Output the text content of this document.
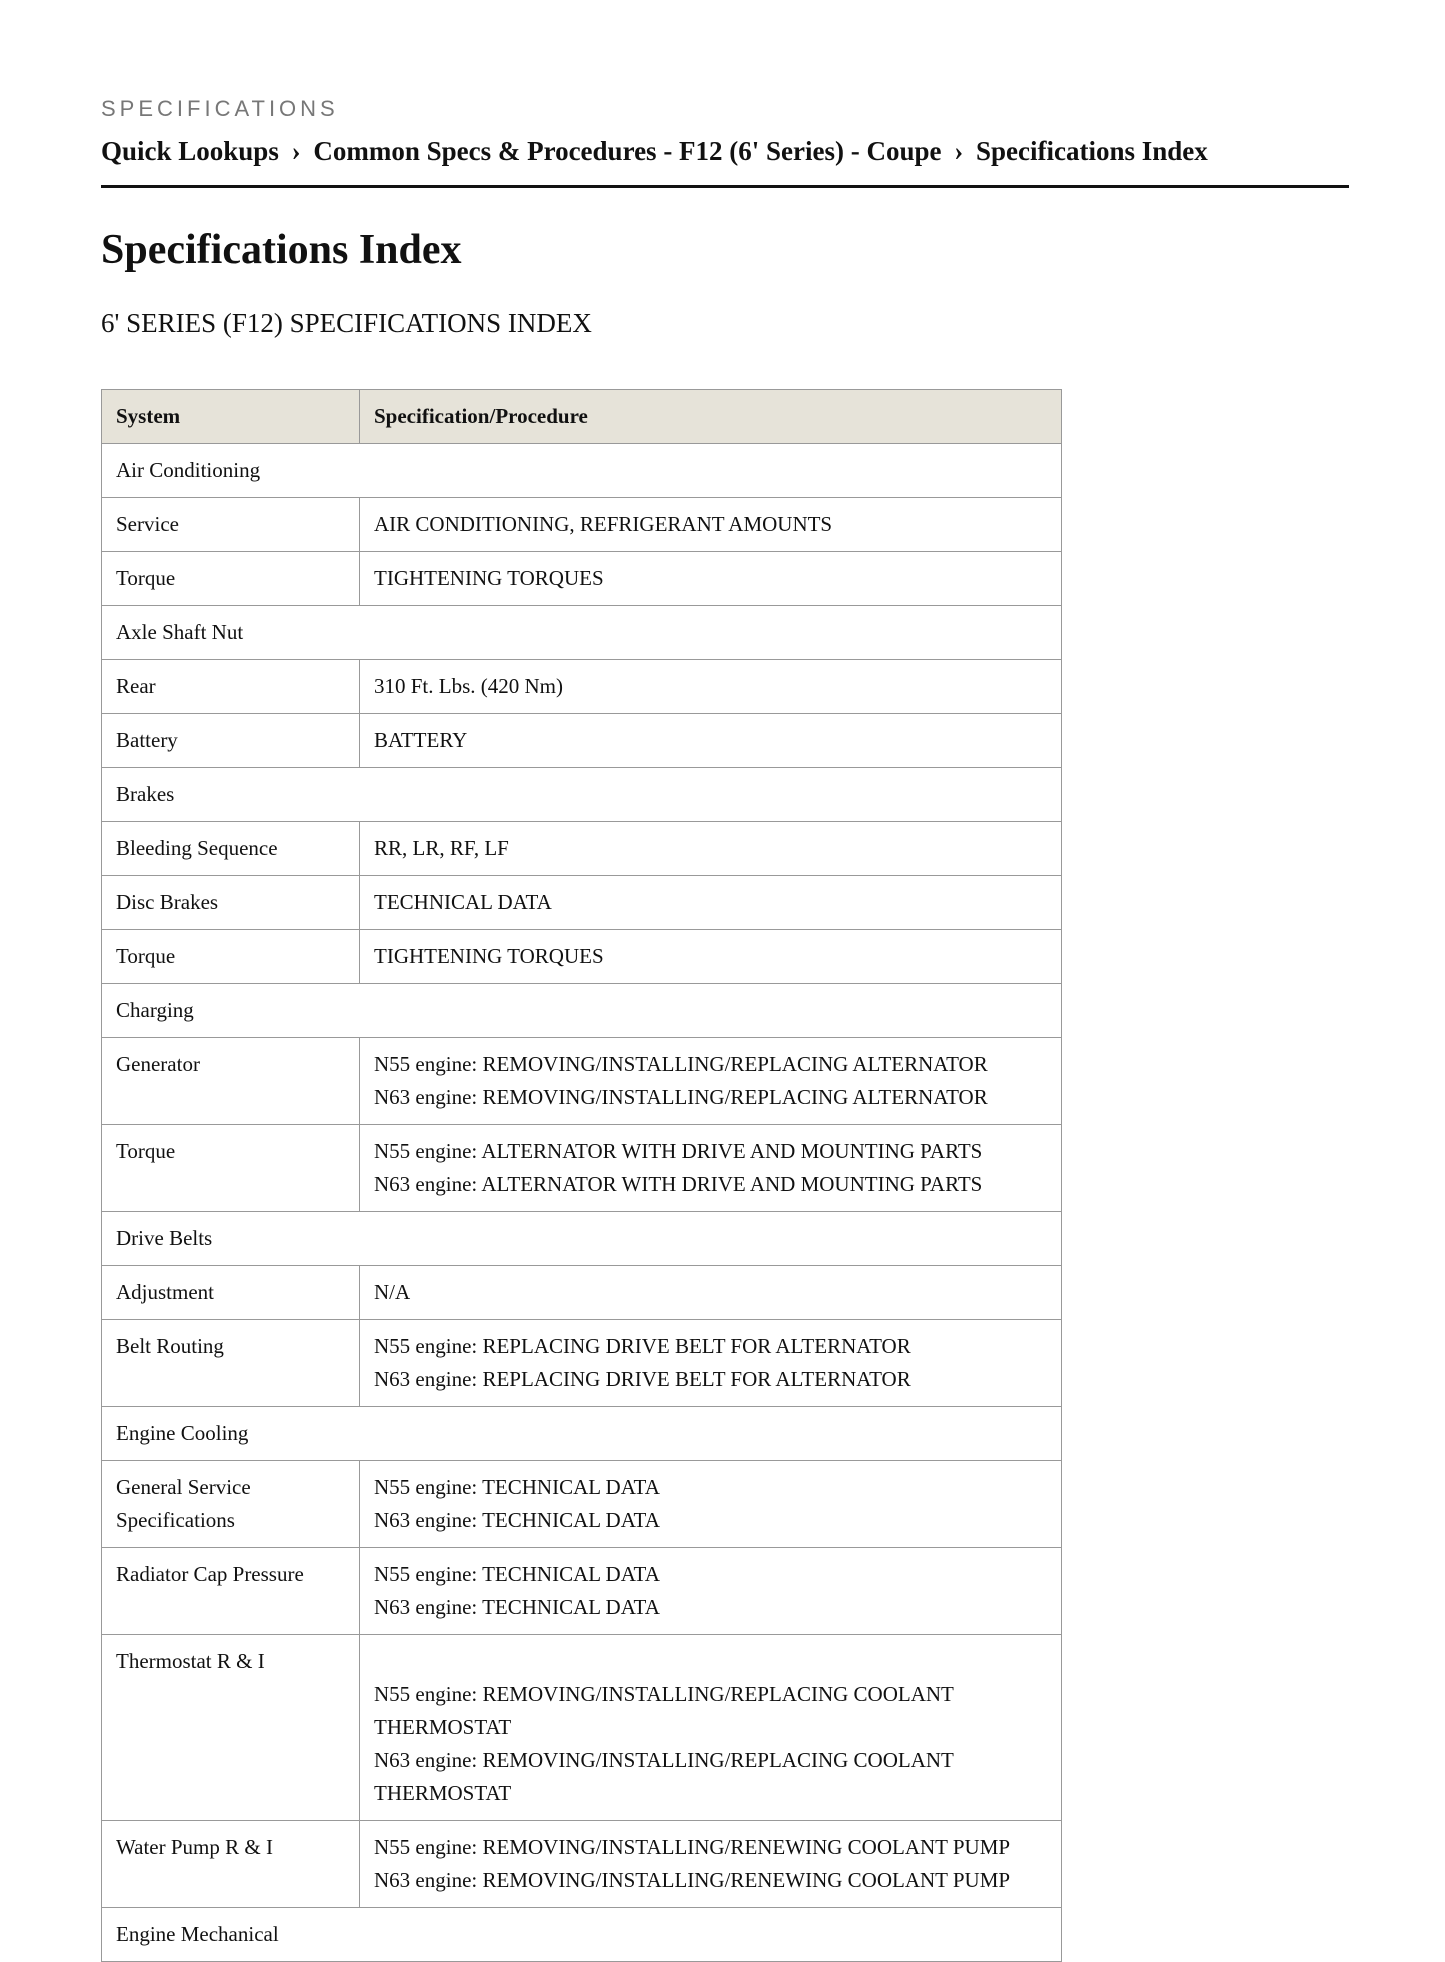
SPECIFICATIONS
Quick Lookups › Common Specs & Procedures - F12 (6' Series) - Coupe › Specifications Index
Specifications Index
6' SERIES (F12) SPECIFICATIONS INDEX
System	Specification/Procedure
Air Conditioning	
Service	AIR CONDITIONING, REFRIGERANT AMOUNTS

Torque	TIGHTENING TORQUES

Axle Shaft Nut	
Rear	310 Ft. Lbs. (420 Nm)

Battery	BATTERY

Brakes	
Bleeding Sequence	RR, LR, RF, LF

Disc Brakes	TECHNICAL DATA

Torque	TIGHTENING TORQUES

Charging	
Generator	N55 engine: REMOVING/INSTALLING/REPLACING ALTERNATOR
N63 engine: REMOVING/INSTALLING/REPLACING ALTERNATOR

Torque	N55 engine: ALTERNATOR WITH DRIVE AND MOUNTING PARTS
N63 engine: ALTERNATOR WITH DRIVE AND MOUNTING PARTS

Drive Belts	
Adjustment	N/A

Belt Routing	N55 engine: REPLACING DRIVE BELT FOR ALTERNATOR
N63 engine: REPLACING DRIVE BELT FOR ALTERNATOR

Engine Cooling	
General Service Specifications	N55 engine: TECHNICAL DATA
N63 engine: TECHNICAL DATA

Radiator Cap Pressure	N55 engine: TECHNICAL DATA
N63 engine: TECHNICAL DATA

Thermostat R & I	N55 engine: REMOVING/INSTALLING/REPLACING COOLANT THERMOSTAT
N63 engine: REMOVING/INSTALLING/REPLACING COOLANT THERMOSTAT

Water Pump R & I	N55 engine: REMOVING/INSTALLING/RENEWING COOLANT PUMP
N63 engine: REMOVING/INSTALLING/RENEWING COOLANT PUMP

Engine Mechanical	
